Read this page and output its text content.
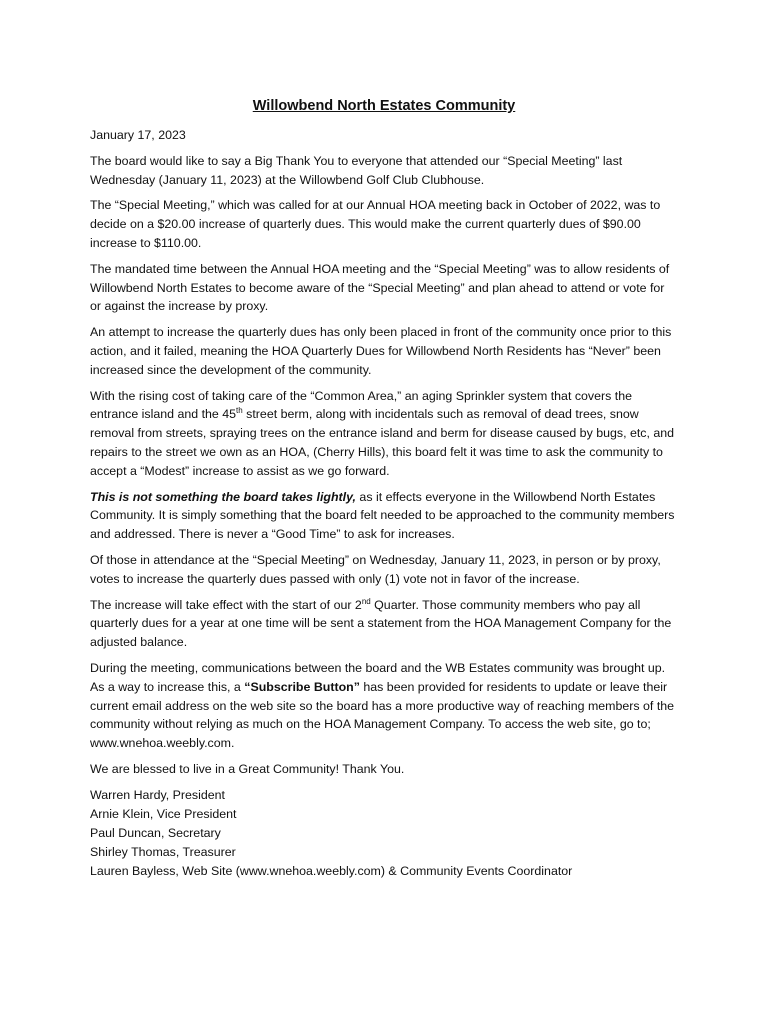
Willowbend North Estates Community
January 17, 2023

The board would like to say a Big Thank You to everyone that attended our “Special Meeting” last Wednesday (January 11, 2023) at the Willowbend Golf Club Clubhouse.

The “Special Meeting,” which was called for at our Annual HOA meeting back in October of 2022, was to decide on a $20.00 increase of quarterly dues. This would make the current quarterly dues of $90.00 increase to $110.00.

The mandated time between the Annual HOA meeting and the “Special Meeting” was to allow residents of Willowbend North Estates to become aware of the “Special Meeting” and plan ahead to attend or vote for or against the increase by proxy.

An attempt to increase the quarterly dues has only been placed in front of the community once prior to this action, and it failed, meaning the HOA Quarterly Dues for Willowbend North Residents has “Never” been increased since the development of the community.

With the rising cost of taking care of the “Common Area,” an aging Sprinkler system that covers the entrance island and the 45th street berm, along with incidentals such as removal of dead trees, snow removal from streets, spraying trees on the entrance island and berm for disease caused by bugs, etc, and repairs to the street we own as an HOA, (Cherry Hills), this board felt it was time to ask the community to accept a “Modest” increase to assist as we go forward.

This is not something the board takes lightly, as it effects everyone in the Willowbend North Estates Community. It is simply something that the board felt needed to be approached to the community members and addressed. There is never a “Good Time” to ask for increases.

Of those in attendance at the “Special Meeting” on Wednesday, January 11, 2023, in person or by proxy, votes to increase the quarterly dues passed with only (1) vote not in favor of the increase.

The increase will take effect with the start of our 2nd Quarter. Those community members who pay all quarterly dues for a year at one time will be sent a statement from the HOA Management Company for the adjusted balance.

During the meeting, communications between the board and the WB Estates community was brought up. As a way to increase this, a “Subscribe Button” has been provided for residents to update or leave their current email address on the web site so the board has a more productive way of reaching members of the community without relying as much on the HOA Management Company. To access the web site, go to; www.wnehoa.weebly.com.

We are blessed to live in a Great Community! Thank You.

Warren Hardy, President
Arnie Klein, Vice President
Paul Duncan, Secretary
Shirley Thomas, Treasurer
Lauren Bayless, Web Site (www.wnehoa.weebly.com) & Community Events Coordinator
